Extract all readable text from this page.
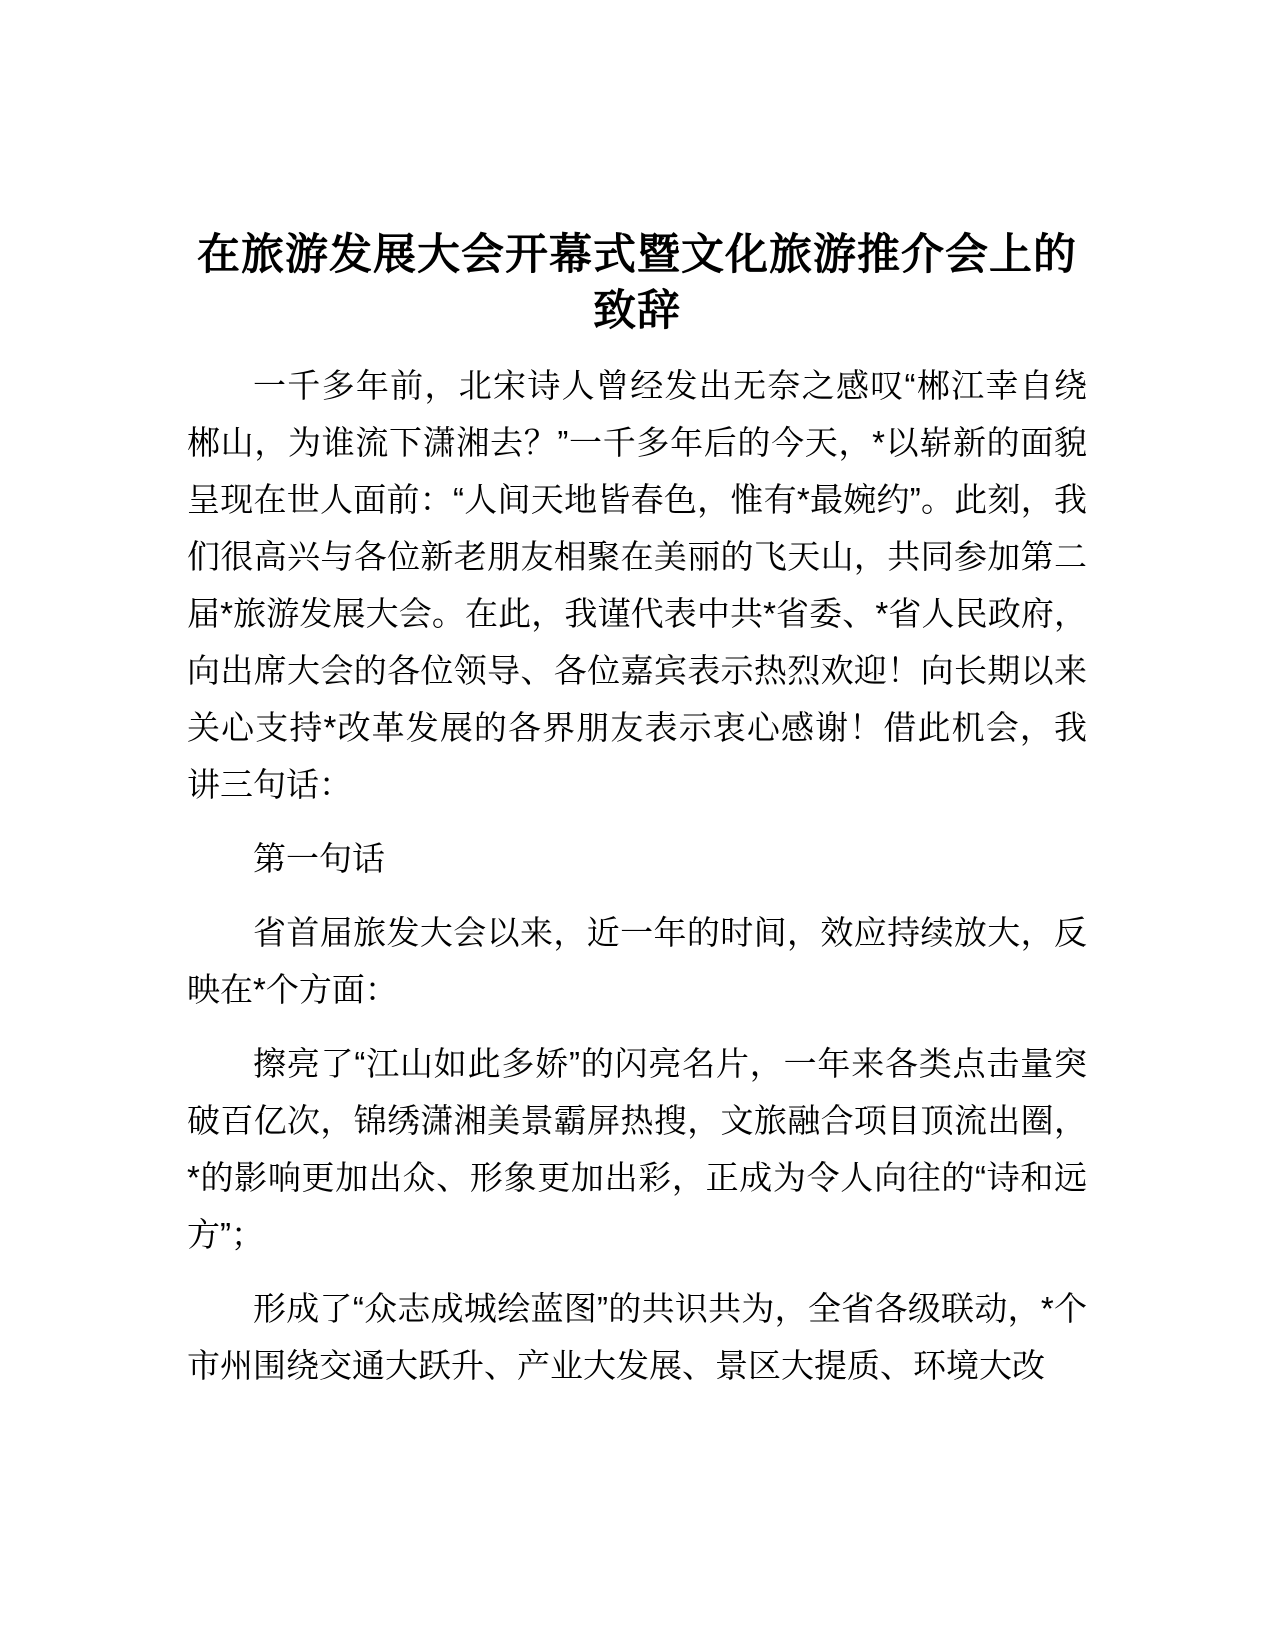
在旅游发展大会开幕式暨文化旅游推介会上的
致辞

一千多年前，北宋诗人曾经发出无奈之感叹“郴江幸自绕郴山，为谁流下潇湘去？”一千多年后的今天，*以崭新的面貌呈现在世人面前：“人间天地皆春色，惟有*最婉约”。此刻，我们很高兴与各位新老朋友相聚在美丽的飞天山，共同参加第二届*旅游发展大会。在此，我谨代表中共*省委、*省人民政府，向出席大会的各位领导、各位嘉宾表示热烈欢迎！向长期以来关心支持*改革发展的各界朋友表示衷心感谢！借此机会，我讲三句话：

第一句话

省首届旅发大会以来，近一年的时间，效应持续放大，反映在*个方面：

擦亮了“江山如此多娇”的闪亮名片，一年来各类点击量突破百亿次，锦绣潇湘美景霸屏热搜，文旅融合项目顶流出圈，*的影响更加出众、形象更加出彩，正成为令人向往的“诗和远方”；

形成了“众志成城绘蓝图”的共识共为，全省各级联动，*个市州围绕交通大跃升、产业大发展、景区大提质、环境大改
